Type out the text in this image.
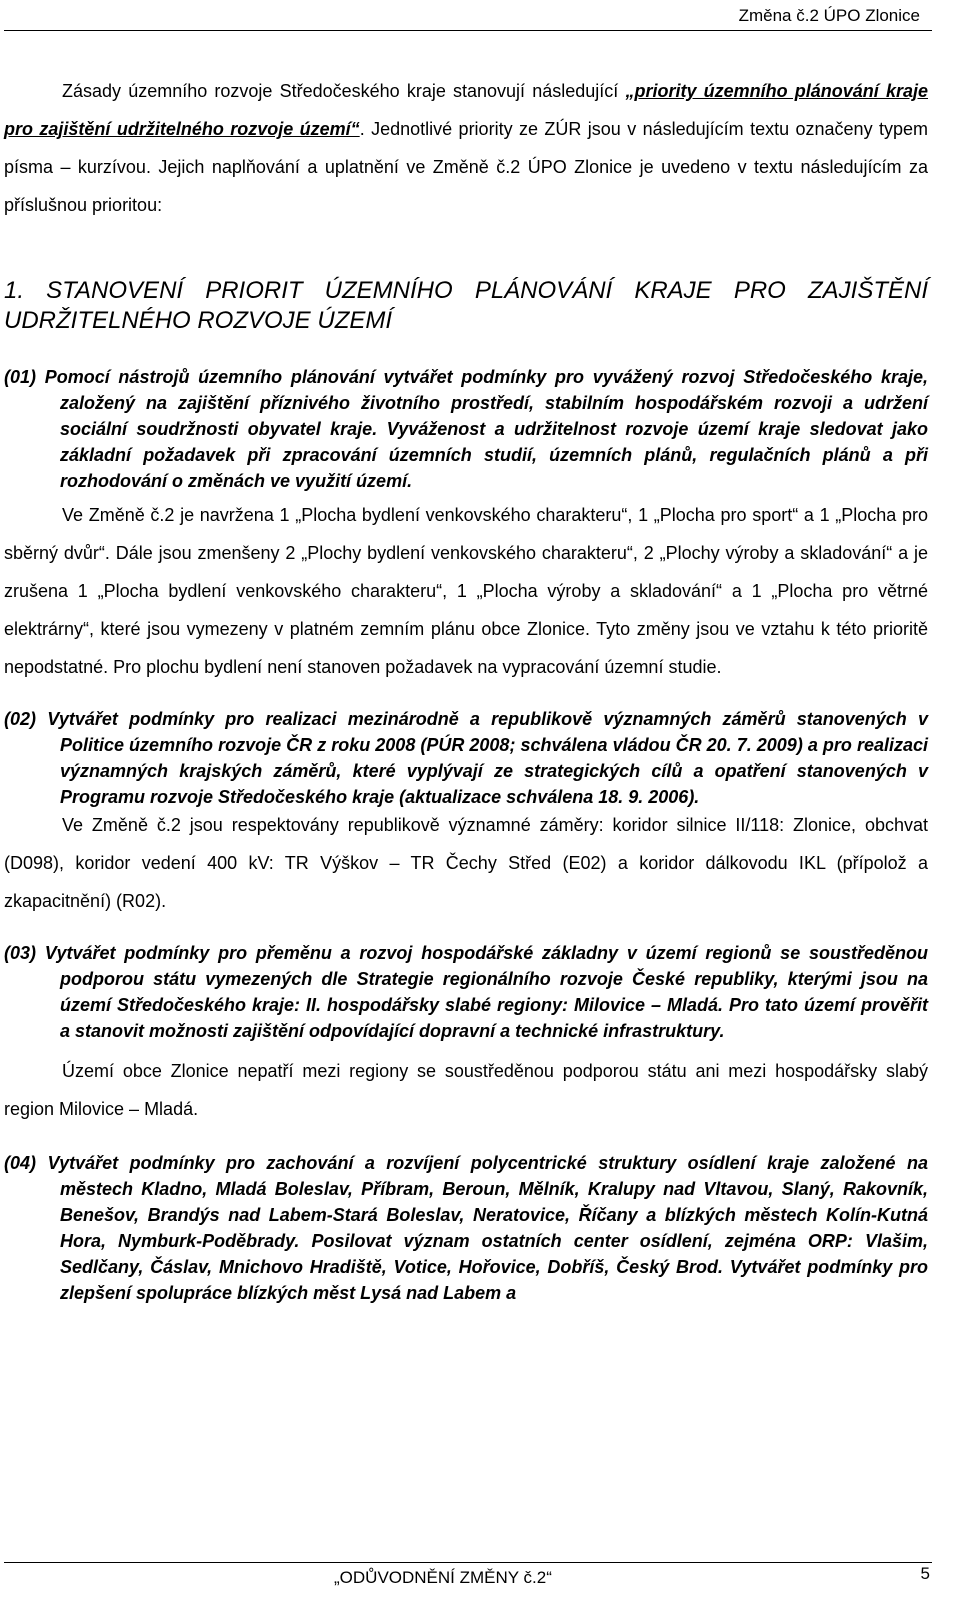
Změna č.2 ÚPO Zlonice

Zásady územního rozvoje Středočeského kraje stanovují následující „priority územního plánování kraje pro zajištění udržitelného rozvoje území“. Jednotlivé priority ze ZÚR jsou v následujícím textu označeny typem písma – kurzívou. Jejich naplňování a uplatnění ve Změně č.2 ÚPO Zlonice je uvedeno v textu následujícím za příslušnou prioritou:

1. STANOVENÍ PRIORIT ÚZEMNÍHO PLÁNOVÁNÍ KRAJE PRO ZAJIŠTĚNÍ UDRŽITELNÉHO ROZVOJE ÚZEMÍ

(01) Pomocí nástrojů územního plánování vytvářet podmínky pro vyvážený rozvoj Středočeského kraje, založený na zajištění příznivého životního prostředí, stabilním hospodářském rozvoji a udržení sociální soudržnosti obyvatel kraje. Vyváženost a udržitelnost rozvoje území kraje sledovat jako základní požadavek při zpracování územních studií, územních plánů, regulačních plánů a při rozhodování o změnách ve využití území.

Ve Změně č.2 je navržena 1 „Plocha bydlení venkovského charakteru“, 1 „Plocha pro sport“ a 1 „Plocha pro sběrný dvůr“. Dále jsou zmenšeny 2 „Plochy bydlení venkovského charakteru“, 2 „Plochy výroby a skladování“ a je zrušena 1 „Plocha bydlení venkovského charakteru“, 1 „Plocha výroby a skladování“ a 1 „Plocha pro větrné elektrárny“, které jsou vymezeny v platném zemním plánu obce Zlonice. Tyto změny jsou ve vztahu k této prioritě nepodstatné. Pro plochu bydlení není stanoven požadavek na vypracování územní studie.

(02) Vytvářet podmínky pro realizaci mezinárodně a republikově významných záměrů stanovených v Politice územního rozvoje ČR z roku 2008 (PÚR 2008; schválena vládou ČR 20. 7. 2009) a pro realizaci významných krajských záměrů, které vyplývají ze strategických cílů a opatření stanovených v Programu rozvoje Středočeského kraje (aktualizace schválena 18. 9. 2006).

Ve Změně č.2 jsou respektovány republikově významné záměry: koridor silnice II/118: Zlonice, obchvat (D098), koridor vedení 400 kV: TR Výškov – TR Čechy Střed (E02) a koridor dálkovodu IKL (přípolož a zkapacitnění) (R02).

(03) Vytvářet podmínky pro přeměnu a rozvoj hospodářské základny v území regionů se soustředěnou podporou státu vymezených dle Strategie regionálního rozvoje České republiky, kterými jsou na území Středočeského kraje: II. hospodářsky slabé regiony: Milovice – Mladá. Pro tato území prověřit a stanovit možnosti zajištění odpovídající dopravní a technické infrastruktury.

Území obce Zlonice nepatří mezi regiony se soustředěnou podporou státu ani mezi hospodářsky slabý region Milovice – Mladá.

(04) Vytvářet podmínky pro zachování a rozvíjení polycentrické struktury osídlení kraje založené na městech Kladno, Mladá Boleslav, Příbram, Beroun, Mělník, Kralupy nad Vltavou, Slaný, Rakovník, Benešov, Brandýs nad Labem-Stará Boleslav, Neratovice, Říčany a blízkých městech Kolín-Kutná Hora, Nymburk-Poděbrady. Posilovat význam ostatních center osídlení, zejména ORP: Vlašim, Sedlčany, Čáslav, Mnichovo Hradiště, Votice, Hořovice, Dobříš, Český Brod. Vytvářet podmínky pro zlepšení spolupráce blízkých měst Lysá nad Labem a

„ODŮVODNĚNÍ ZMĚNY č.2“	5
